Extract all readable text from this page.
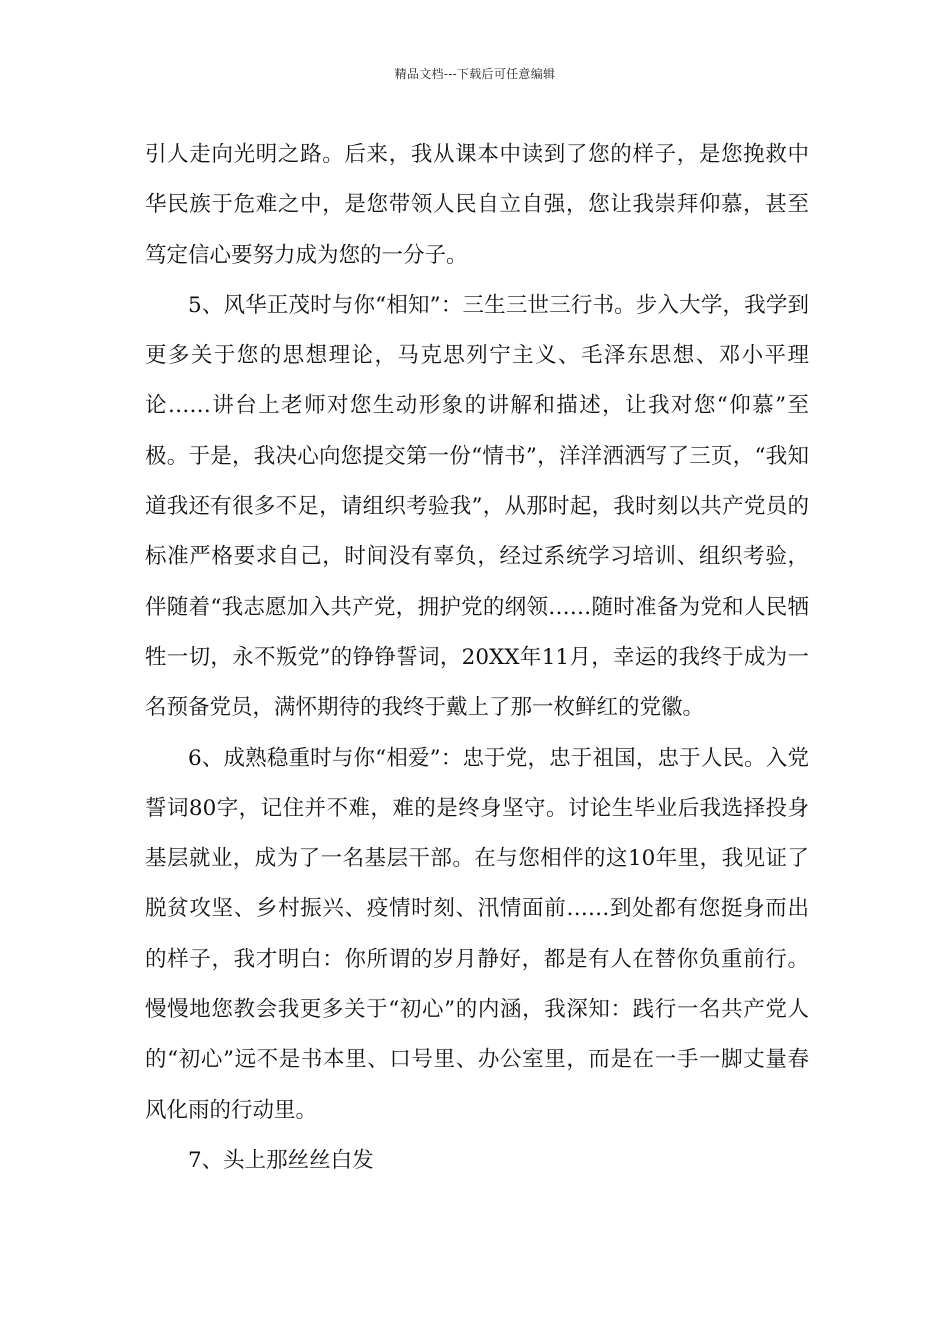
精品文档---下载后可任意编辑

引人走向光明之路。后来，我从课本中读到了您的样子，是您挽救中华民族于危难之中，是您带领人民自立自强，您让我崇拜仰慕，甚至笃定信心要努力成为您的一分子。

5、风华正茂时与你“相知”：三生三世三行书。步入大学，我学到更多关于您的思想理论，马克思列宁主义、毛泽东思想、邓小平理论……讲台上老师对您生动形象的讲解和描述，让我对您“仰慕”至极。于是，我决心向您提交第一份“情书”，洋洋洒洒写了三页，“我知道我还有很多不足，请组织考验我”，从那时起，我时刻以共产党员的标准严格要求自己，时间没有辜负，经过系统学习培训、组织考验，伴随着“我志愿加入共产党，拥护党的纲领……随时准备为党和人民牺牲一切，永不叛党”的铮铮誓词，20XX年11月，幸运的我终于成为一名预备党员，满怀期待的我终于戴上了那一枚鲜红的党徽。

6、成熟稳重时与你“相爱”：忠于党，忠于祖国，忠于人民。入党誓词80字，记住并不难，难的是终身坚守。讨论生毕业后我选择投身基层就业，成为了一名基层干部。在与您相伴的这10年里，我见证了脱贫攻坚、乡村振兴、疫情时刻、汛情面前……到处都有您挺身而出的样子，我才明白：你所谓的岁月静好，都是有人在替你负重前行。慢慢地您教会我更多关于“初心”的内涵，我深知：践行一名共产党人的“初心”远不是书本里、口号里、办公室里，而是在一手一脚丈量春风化雨的行动里。

7、头上那丝丝白发
